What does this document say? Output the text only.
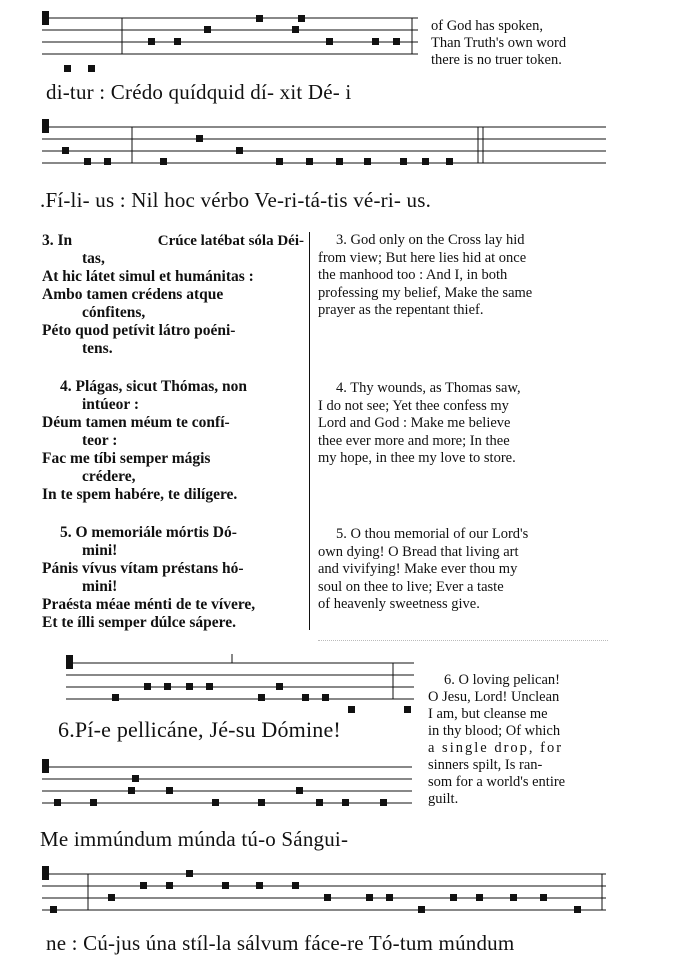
of God has spoken,
Than Truth's own word
there is no truer token.
di-tur : Crédo quídquid dí- xit Dé- i
.Fí-li- us : Nil hoc vérbo Ve-ri-tá-tis vé-ri- us.
3. In	Crúce latébat sóla Déi-
tas,
At hic látet simul et humánitas :
Ambo tamen crédens atque
cónfitens,
Péto quod petívit látro poéni-
tens.
3. God only on the Cross lay hid
from view; But here lies hid at once
the manhood too : And I, in both
professing my belief, Make the same
prayer as the repentant thief.
4. Plágas, sicut Thómas, non
intúeor :
Déum tamen méum te confí-
teor :
Fac me tíbi semper mágis
crédere,
In te spem habére, te dilígere.
4. Thy wounds, as Thomas saw,
I do not see; Yet thee confess my
Lord and God : Make me believe
thee ever more and more; In thee
my hope, in thee my love to store.
5. O memoriále mórtis Dó-
mini!
Pánis vívus vítam préstans hó-
mini!
Praésta méae ménti de te vívere,
Et te ílli semper dúlce sápere.
5. O thou memorial of our Lord's
own dying! O Bread that living art
and vivifying! Make ever thou my
soul on thee to live; Ever a taste
of heavenly sweetness give.
6.Pí-e pellicáne, Jé-su Dómine!
6. O loving pelican!
O Jesu, Lord! Unclean
I am, but cleanse me
in thy blood; Of which
a single drop, for
sinners spilt, Is ran-
som for a world's entire
guilt.
Me immúndum múnda tú-o Sángui-
ne : Cú-jus úna stíl-la sálvum fáce-re Tó-tum múndum
